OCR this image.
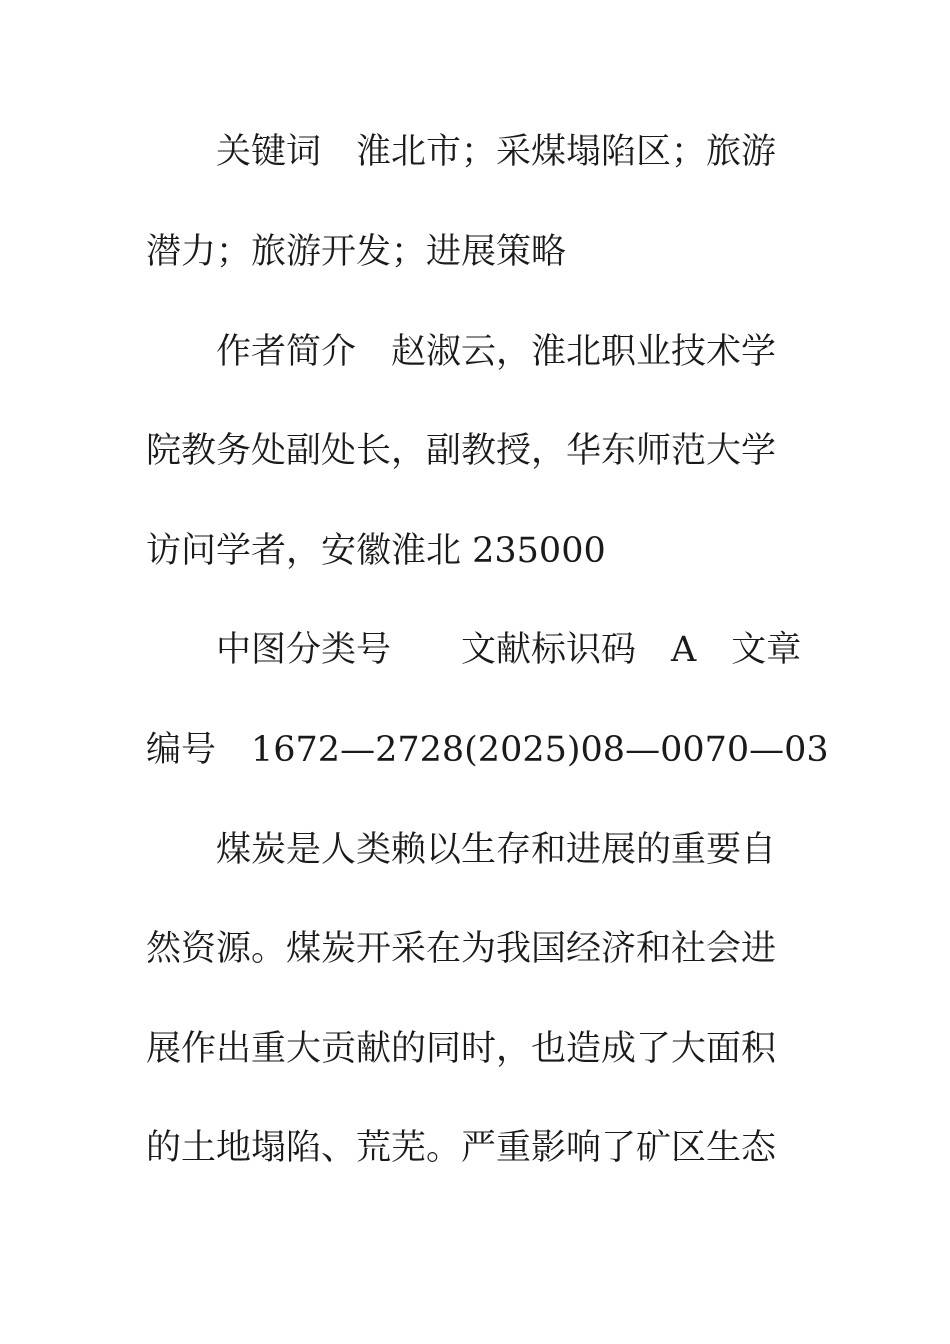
关键词　淮北市；采煤塌陷区；旅游
潜力；旅游开发；进展策略
作者简介　赵淑云，淮北职业技术学
院教务处副处长，副教授，华东师范大学
访问学者，安徽淮北 235000
中图分类号　　文献标识码　A　文章
编号　1672—2728(2025)08—0070—03
煤炭是人类赖以生存和进展的重要自
然资源。煤炭开采在为我国经济和社会进
展作出重大贡献的同时，也造成了大面积
的土地塌陷、荒芜。严重影响了矿区生态
